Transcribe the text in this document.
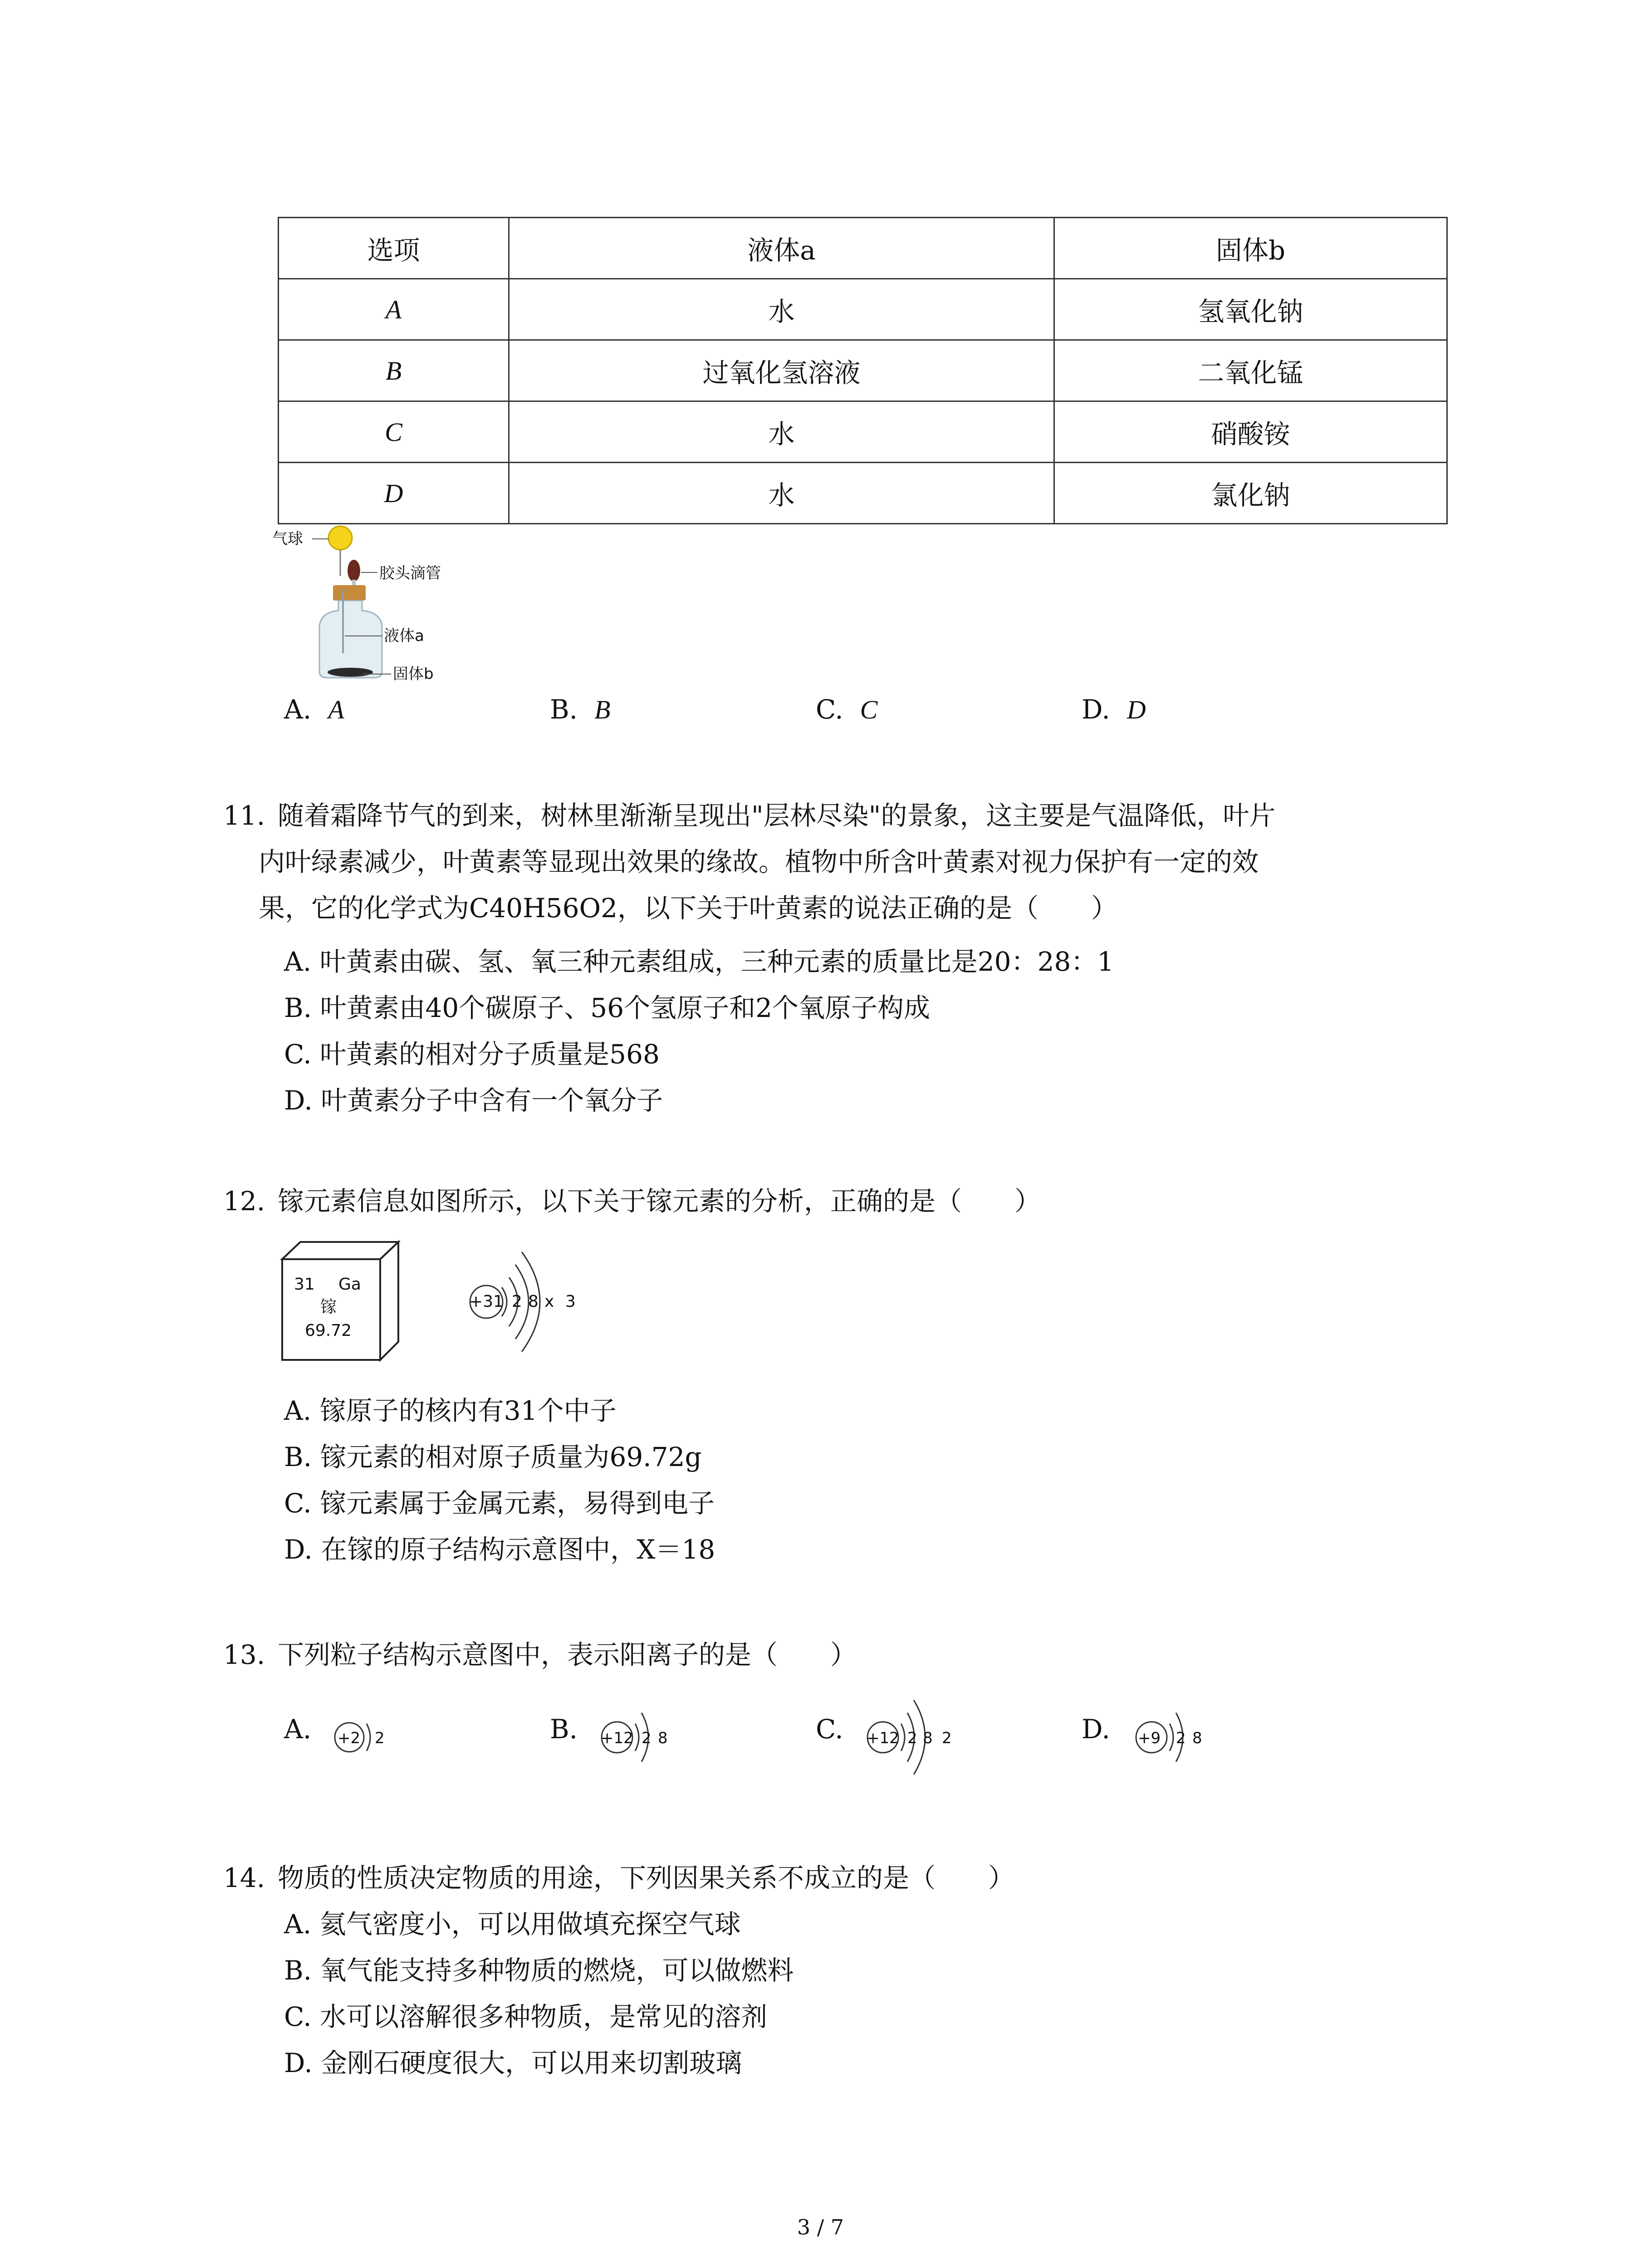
选项	液体a	固体b
A	水	氢氧化钠
B	过氧化氢溶液	二氧化锰
C	水	硝酸铵
D	水	氯化钠
气球
胶头滴管
液体a
固体b
A. A	B. B	C. C	D. D
11. 随着霜降节气的到来，树林里渐渐呈现出"层林尽染"的景象，这主要是气温降低，叶片
内叶绿素减少，叶黄素等显现出效果的缘故。植物中所含叶黄素对视力保护有一定的效
果，它的化学式为C40H56O2，以下关于叶黄素的说法正确的是（　　）
A. 叶黄素由碳、氢、氧三种元素组成，三种元素的质量比是20：28：1
B. 叶黄素由40个碳原子、56个氢原子和2个氧原子构成
C. 叶黄素的相对分子质量是568
D. 叶黄素分子中含有一个氧分子
12. 镓元素信息如图所示，以下关于镓元素的分析，正确的是（　　）
31 Ga
镓
69.72
+31 2 8 x 3
A. 镓原子的核内有31个中子
B. 镓元素的相对原子质量为69.72g
C. 镓元素属于金属元素，易得到电子
D. 在镓的原子结构示意图中，X＝18
13. 下列粒子结构示意图中，表示阳离子的是（　　）
A. +2 2	B. +12 2 8	C. +12 2 8 2	D. +9 2 8
14. 物质的性质决定物质的用途，下列因果关系不成立的是（　　）
A. 氦气密度小，可以用做填充探空气球
B. 氧气能支持多种物质的燃烧，可以做燃料
C. 水可以溶解很多种物质，是常见的溶剂
D. 金刚石硬度很大，可以用来切割玻璃
3 / 7
